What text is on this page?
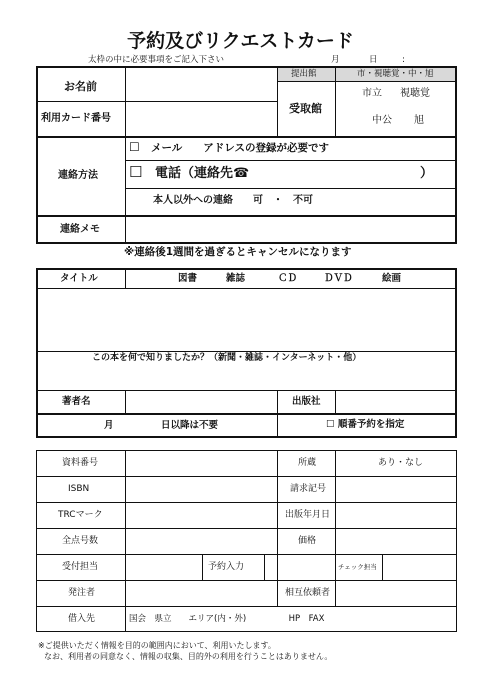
予約及びリクエストカード
太枠の中に必要事項をご記入下さい	月	日	:
お名前
利用カード番号
提出館	市・視聴覚・中・旭
受取館
市立 視聴覚
中公 旭
連絡方法
☐ メール　　アドレスの登録が必要です
☐ 電話（連絡先☎	）
本人以外への連絡　　可　・　不可
連絡メモ
※連絡後1週間を過ぎるとキャンセルになります
タイトル	図書	雑誌	ＣＤ	ＤＶＤ	絵画
この本を何で知りましたか？（新聞・雑誌・インターネット・他）
著者名	出版社
月	日以降は不要	☐ 順番予約を指定
資料番号	所蔵	あり・なし
ISBN	請求記号
TRCマーク	出版年月日
全点号数	価格
受付担当	予約入力	チェック担当
発注者	相互依頼者
借入先	国会　県立　　エリア(内・外)　　　　　HP　FAX
※ご提供いただく情報を目的の範囲内において、利用いたします。
なお、利用者の同意なく、情報の収集、目的外の利用を行うことはありません。
